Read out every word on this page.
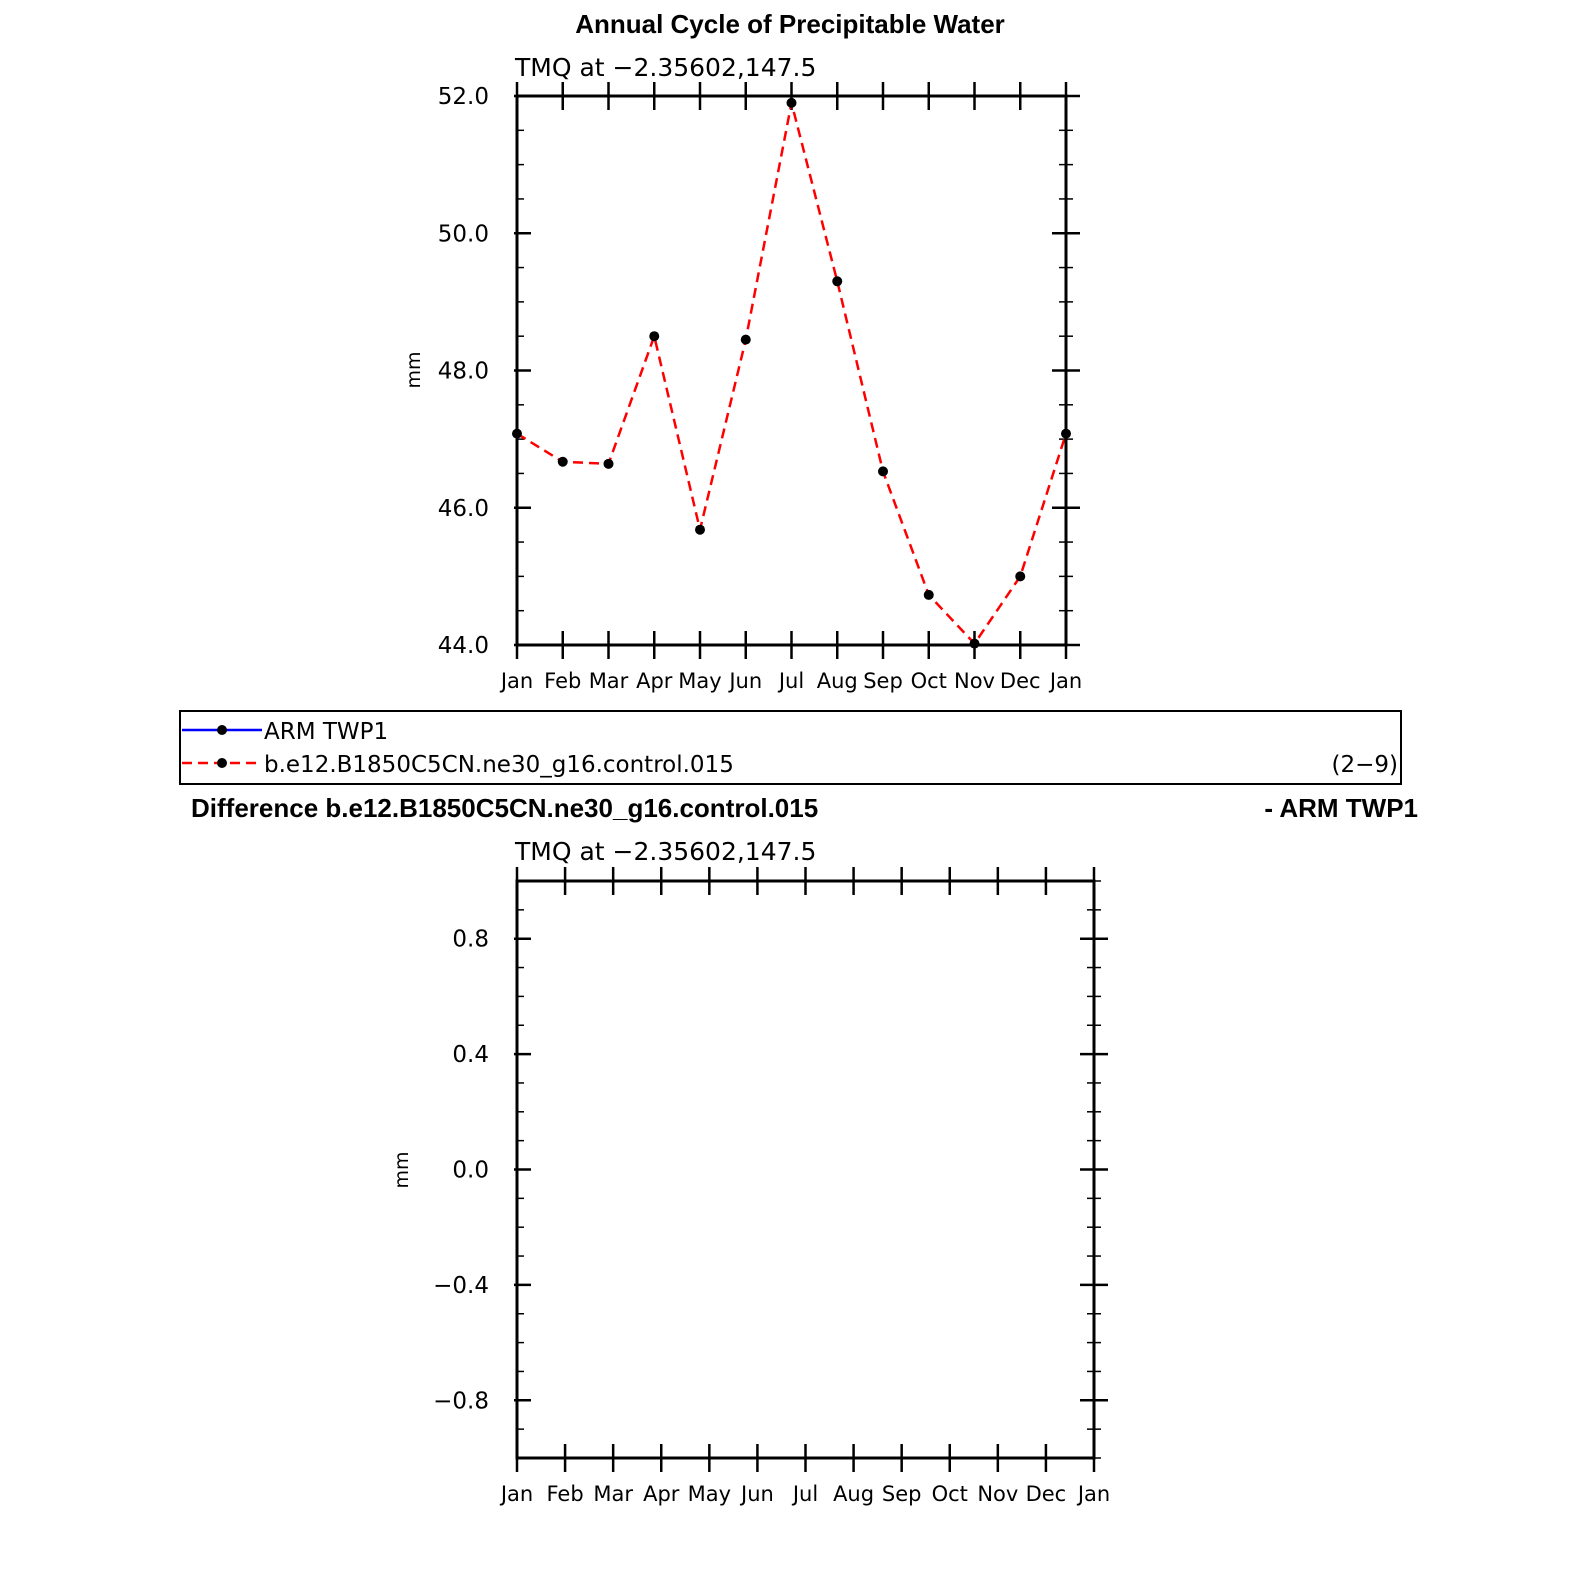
Annual Cycle of Precipitable Water
TMQ at −2.35602,147.5
mm
Jan Feb Mar Apr May Jun Jul Aug Sep Oct Nov Dec Jan
44.0
46.0
48.0
50.0
52.0
ARM TWP1
b.e12.B1850C5CN.ne30_g16.control.015	(2−9)
Difference b.e12.B1850C5CN.ne30_g16.control.015	- ARM TWP1
TMQ at −2.35602,147.5
mm
Jan Feb Mar Apr May Jun Jul Aug Sep Oct Nov Dec Jan
−0.8
−0.4
0.0
0.4
0.8
